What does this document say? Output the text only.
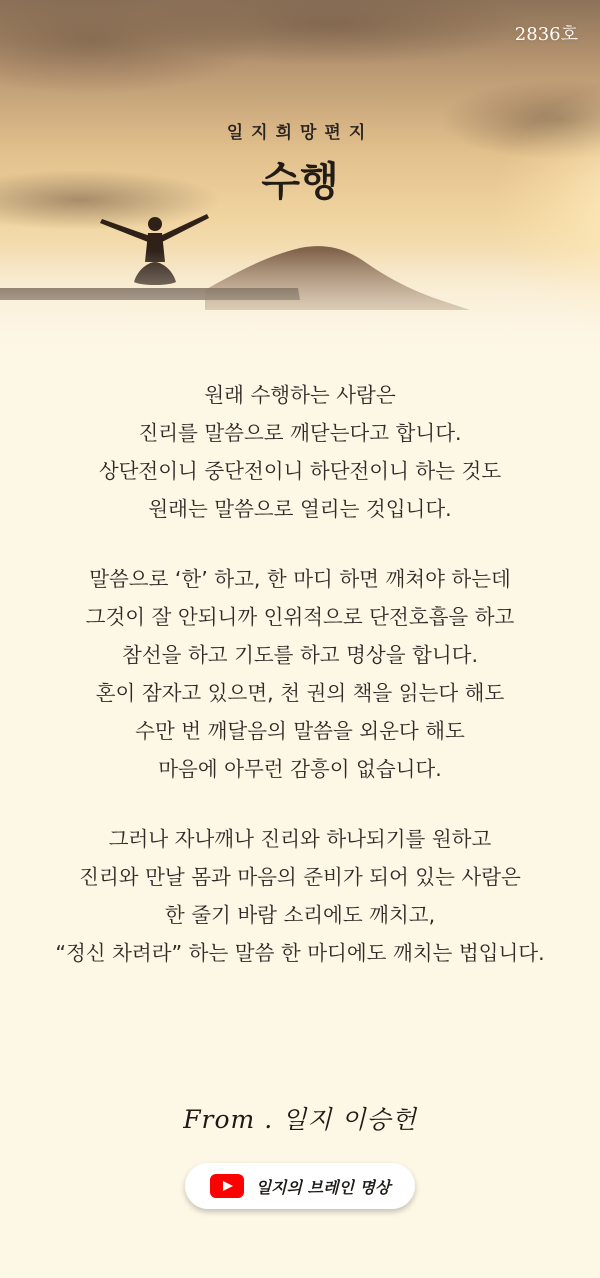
2836호
일지희망편지
수행
원래 수행하는 사람은
진리를 말씀으로 깨닫는다고 합니다.
상단전이니 중단전이니 하단전이니 하는 것도
원래는 말씀으로 열리는 것입니다.
말씀으로 ‘한’ 하고, 한 마디 하면 깨쳐야 하는데
그것이 잘 안되니까 인위적으로 단전호흡을 하고
참선을 하고 기도를 하고 명상을 합니다.
혼이 잠자고 있으면, 천 권의 책을 읽는다 해도
수만 번 깨달음의 말씀을 외운다 해도
마음에 아무런 감흥이 없습니다.
그러나 자나깨나 진리와 하나되기를 원하고
진리와 만날 몸과 마음의 준비가 되어 있는 사람은
한 줄기 바람 소리에도 깨치고,
“정신 차려라” 하는 말씀 한 마디에도 깨치는 법입니다.
From . 일지 이승헌
일지의 브레인 명상
